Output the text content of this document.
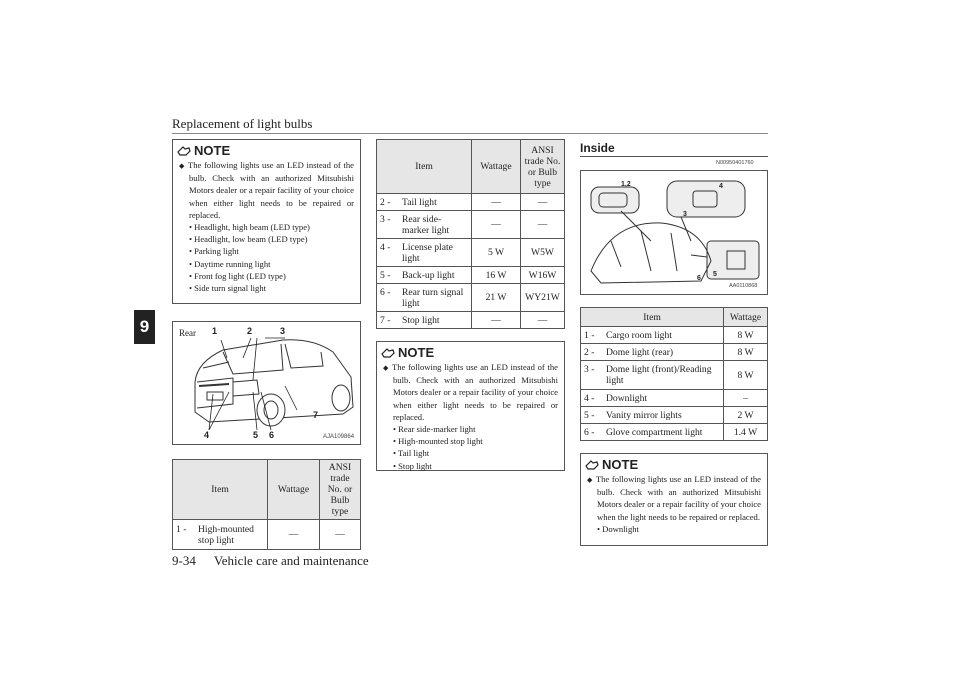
Replacement of light bulbs
9
NOTE
◆ The following lights use an LED instead of the bulb. Check with an authorized Mitsubishi Motors dealer or a repair facility of your choice when either light needs to be repaired or replaced.
• Headlight, high beam (LED type)
• Headlight, low beam (LED type)
• Parking light
• Daytime running light
• Front fog light (LED type)
• Side turn signal light
Rear 1	2	3
4	5 6
7
AJA109864
Item	Wattage	ANSI trade No. or Bulb type

1 - High-mounted stop light	—	—
Item	Wattage	ANSI trade No. or Bulb type

2 - Tail light	—	—

3 - Rear side-marker light	—	—

4 - License plate light	5 W	W5W

5 - Back-up light	16 W	W16W

6 - Rear turn signal light	21 W	WY21W

7 - Stop light	—	—
NOTE
◆ The following lights use an LED instead of the bulb. Check with an authorized Mitsubishi Motors dealer or a repair facility of your choice when either light needs to be repaired or replaced.
• Rear side-marker light
• High-mounted stop light
• Tail light
• Stop light
Inside
N00950401760
1,2
3
4
5
6
AA0110868
Item	Wattage

1 - Cargo room light	8 W

2 - Dome light (rear)	8 W

3 - Dome light (front)/Reading light	8 W

4 - Downlight	–

5 - Vanity mirror lights	2 W

6 - Glove compartment light	1.4 W
NOTE
◆ The following lights use an LED instead of the bulb. Check with an authorized Mitsubishi Motors dealer or a repair facility of your choice when the light needs to be repaired or replaced.
• Downlight
9-34 Vehicle care and maintenance
